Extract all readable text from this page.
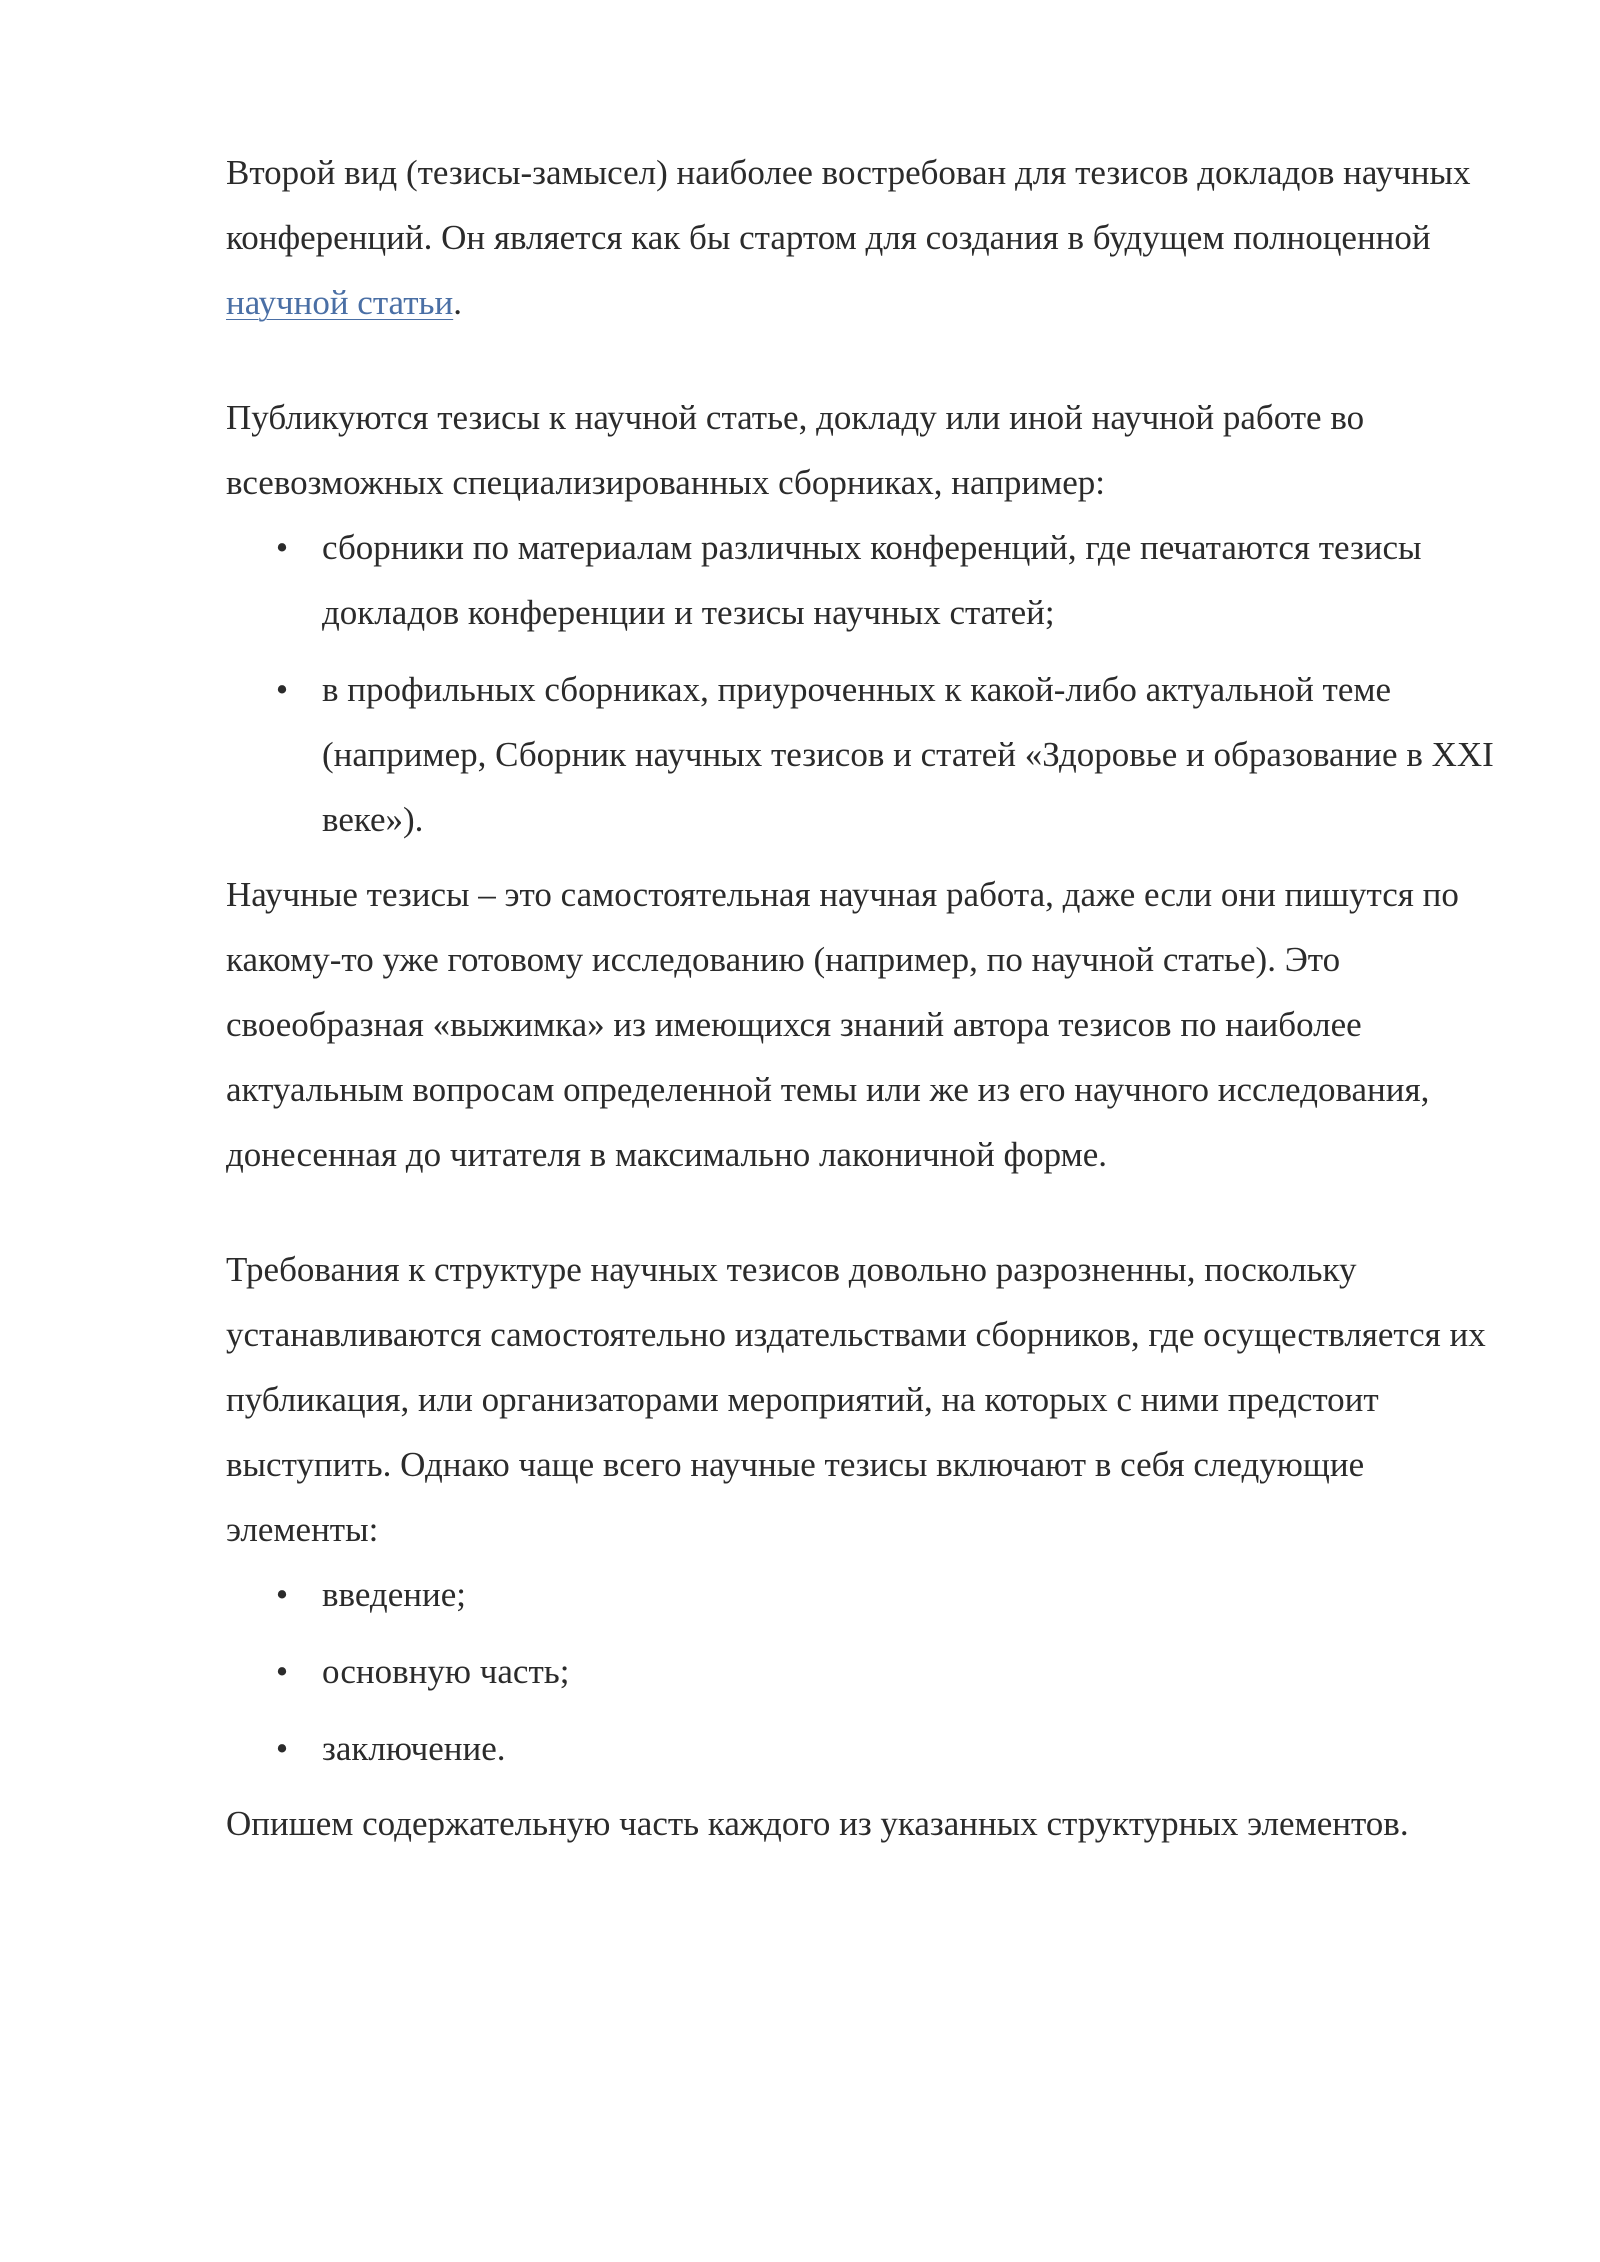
Второй вид (тезисы-замысел) наиболее востребован для тезисов докладов научных конференций. Он является как бы стартом для создания в будущем полноценной научной статьи.

Публикуются тезисы к научной статье, докладу или иной научной работе во всевозможных специализированных сборниках, например:

• сборники по материалам различных конференций, где печатаются тезисы докладов конференции и тезисы научных статей;
• в профильных сборниках, приуроченных к какой-либо актуальной теме (например, Сборник научных тезисов и статей «Здоровье и образование в XXI веке»).

Научные тезисы – это самостоятельная научная работа, даже если они пишутся по какому-то уже готовому исследованию (например, по научной статье). Это своеобразная «выжимка» из имеющихся знаний автора тезисов по наиболее актуальным вопросам определенной темы или же из его научного исследования, донесенная до читателя в максимально лаконичной форме.

Требования к структуре научных тезисов довольно разрозненны, поскольку устанавливаются самостоятельно издательствами сборников, где осуществляется их публикация, или организаторами мероприятий, на которых с ними предстоит выступить. Однако чаще всего научные тезисы включают в себя следующие элементы:

• введение;
• основную часть;
• заключение.

Опишем содержательную часть каждого из указанных структурных элементов.
